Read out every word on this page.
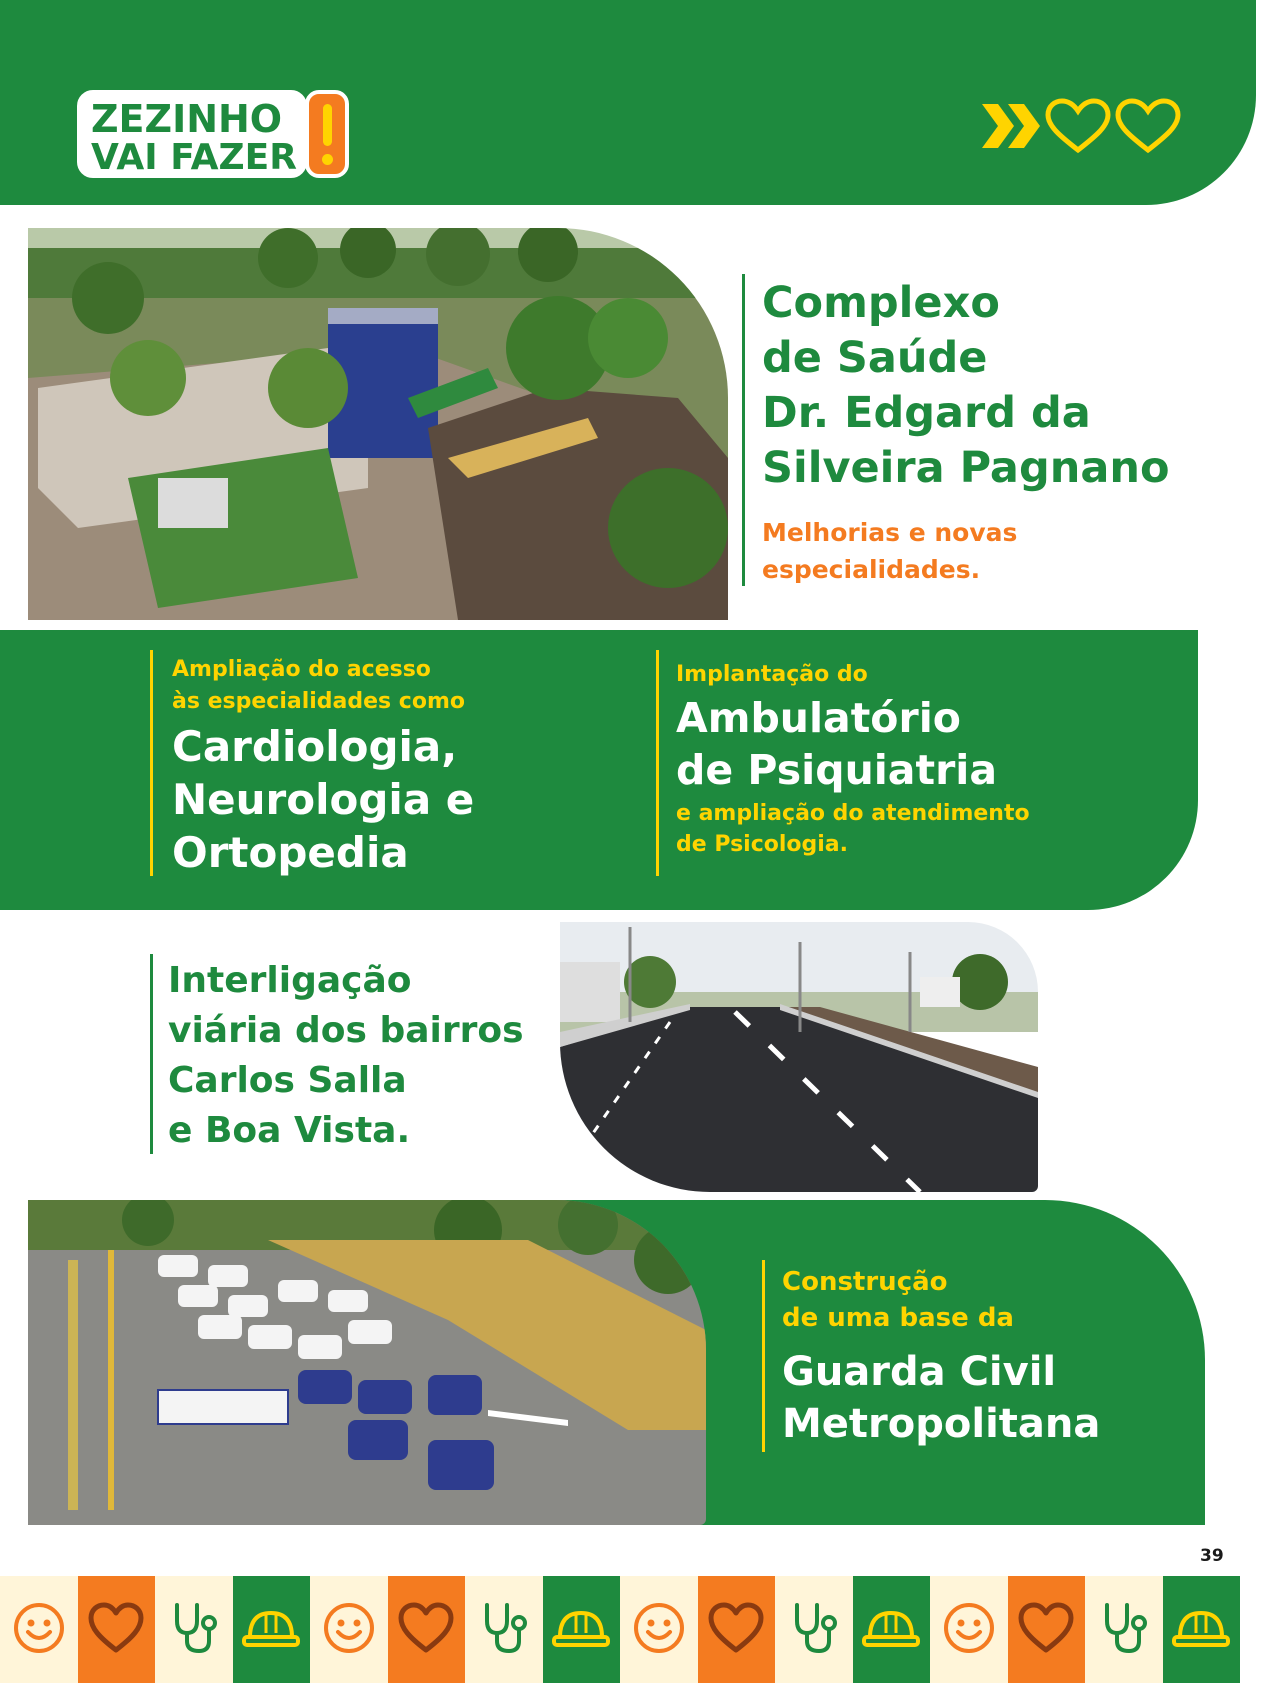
ZEZINHO
VAI FAZER

Complexo
de Saúde
Dr. Edgard da
Silveira Pagnano

Melhorias e novas
especialidades.

Ampliação do acesso
às especialidades como

Cardiologia,
Neurologia e
Ortopedia

Implantação do

Ambulatório
de Psiquiatria

e ampliação do atendimento
de Psicologia.

Interligação
viária dos bairros
Carlos Salla
e Boa Vista.

Construção
de uma base da

Guarda Civil
Metropolitana

39
